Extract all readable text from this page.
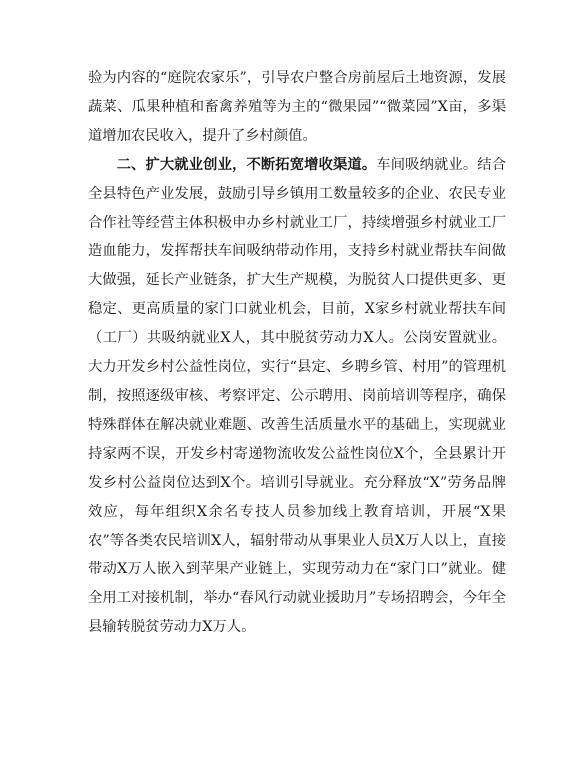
验为内容的“庭院农家乐”，引导农户整合房前屋后土地资源，发展蔬菜、瓜果种植和畜禽养殖等为主的“微果园”“微菜园”X亩，多渠道增加农民收入，提升了乡村颜值。

二、扩大就业创业，不断拓宽增收渠道。车间吸纳就业。结合全县特色产业发展，鼓励引导乡镇用工数量较多的企业、农民专业合作社等经营主体积极申办乡村就业工厂，持续增强乡村就业工厂造血能力，发挥帮扶车间吸纳带动作用，支持乡村就业帮扶车间做大做强，延长产业链条，扩大生产规模，为脱贫人口提供更多、更稳定、更高质量的家门口就业机会，目前，X家乡村就业帮扶车间（工厂）共吸纳就业X人，其中脱贫劳动力X人。公岗安置就业。大力开发乡村公益性岗位，实行“县定、乡聘乡管、村用”的管理机制，按照逐级审核、考察评定、公示聘用、岗前培训等程序，确保特殊群体在解决就业难题、改善生活质量水平的基础上，实现就业持家两不误，开发乡村寄递物流收发公益性岗位X个，全县累计开发乡村公益岗位达到X个。培训引导就业。充分释放“X”劳务品牌效应，每年组织X余名专技人员参加线上教育培训，开展“X果农”等各类农民培训X人，辐射带动从事果业人员X万人以上，直接带动X万人嵌入到苹果产业链上，实现劳动力在“家门口”就业。健全用工对接机制，举办“春风行动就业援助月”专场招聘会，今年全县输转脱贫劳动力X万人。
